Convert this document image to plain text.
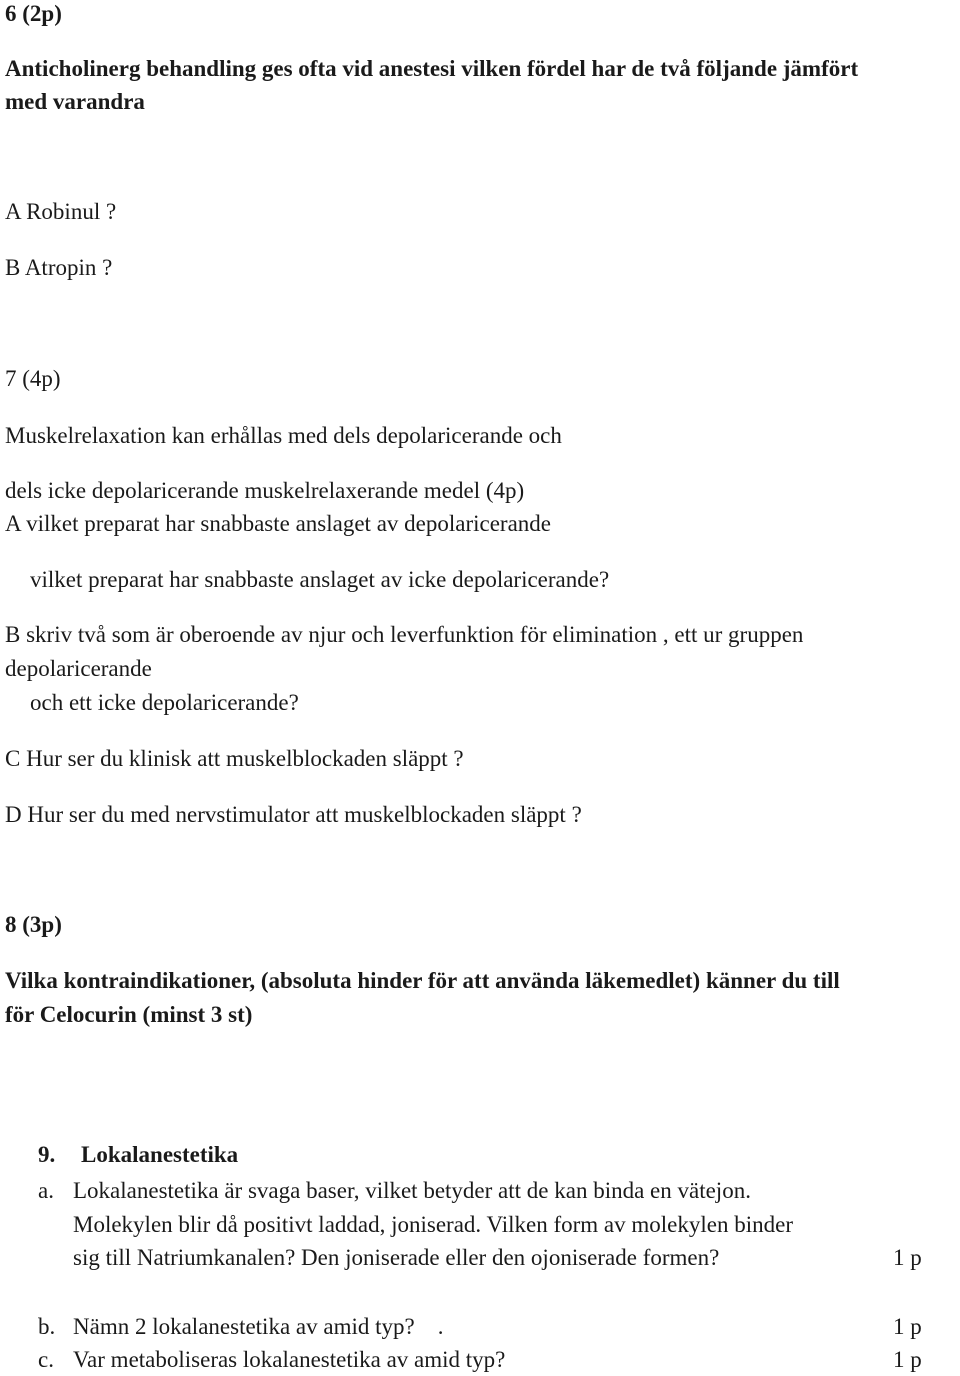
6 (2p)
Anticholinerg behandling ges ofta vid anestesi vilken fördel har de två följande jämfört
med varandra
A Robinul ?
B Atropin ?
7 (4p)
Muskelrelaxation kan erhållas med dels depolaricerande och
dels icke depolaricerande muskelrelaxerande medel (4p)
A vilket preparat har snabbaste anslaget av depolaricerande
vilket preparat har snabbaste anslaget av icke depolaricerande?
B skriv två som är oberoende av njur och leverfunktion för elimination , ett ur gruppen
depolaricerande
och ett icke depolaricerande?
C Hur ser du klinisk att muskelblockaden släppt ?
D Hur ser du med nervstimulator att muskelblockaden släppt ?
8 (3p)
Vilka kontraindikationer, (absoluta hinder för att använda läkemedlet) känner du till
för Celocurin (minst 3 st)
9. Lokalanestetika
a. Lokalanestetika är svaga baser, vilket betyder att de kan binda en vätejon.
Molekylen blir då positivt laddad, joniserad. Vilken form av molekylen binder
sig till Natriumkanalen? Den joniserade eller den ojoniserade formen?	1 p
b. Nämn 2 lokalanestetika av amid typ?    .	1 p
c. Var metaboliseras lokalanestetika av amid typ?	1 p
